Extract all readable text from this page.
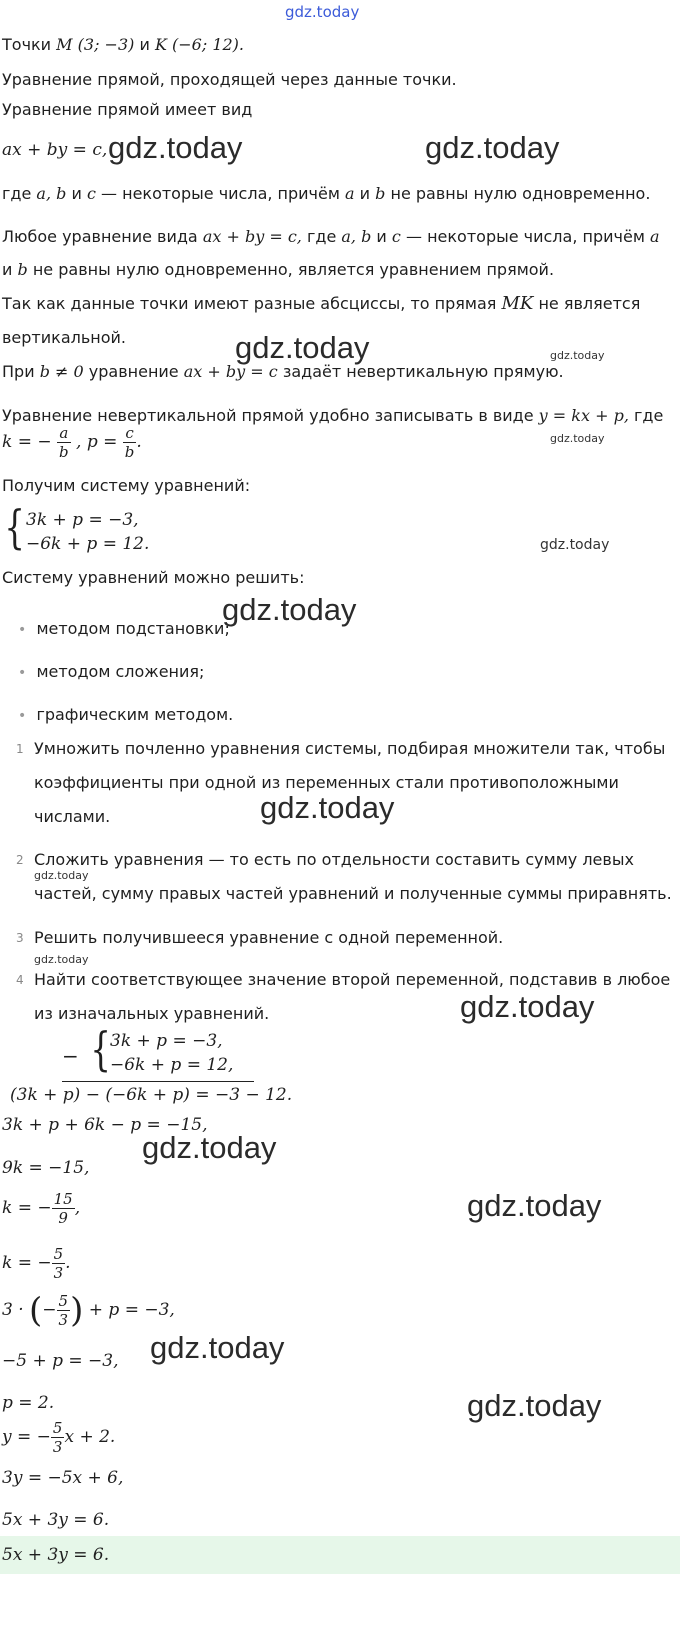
gdz.today
Точки M (3; −3) и K (−6; 12).
Уравнение прямой, проходящей через данные точки.
Уравнение прямой имеет вид
ax + by = c, gdz.today	gdz.today
где a, b и c — некоторые числа, причём a и b не равны нулю одновременно.
Любое уравнение вида ax + by = c, где a, b и c — некоторые числа, причём a
и b не равны нулю одновременно, является уравнением прямой.
Так как данные точки имеют разные абсциссы, то прямая MK не является
вертикальной.	gdz.today	gdz.today
При b ≠ 0 уравнение ax + by = c задаёт невертикальную прямую.
Уравнение невертикальной прямой удобно записывать в виде y = kx + p, где
k = − $\frac{a}{b}$ , $p = \frac{c}{b}$ .	gdz.today
Получим систему уравнений:
{ 3k + p = −3,
−6k + p = 12.	gdz.today
Систему уравнений можно решить:
gdz.today
• методом подстановки;
• методом сложения;
• графическим методом.
1 Умножить почленно уравнения системы, подбирая множители так, чтобы
коэффициенты при одной из переменных стали противоположными
числами.	gdz.today
2 Сложить уравнения — то есть по отдельности составить сумму левых
gdz.today
частей, сумму правых частей уравнений и полученные суммы приравнять.
3 Решить получившееся уравнение с одной переменной.
gdz.today
4 Найти соответствующее значение второй переменной, подставив в любое
из изначальных уравнений.	gdz.today
− { 3k + p = −3,
−6k + p = 12,
(3k + p) − (−6k + p) = −3 − 12.
3k + p + 6k − p = −15,
gdz.today
9k = −15,
k = − $\frac{15}{9}$ ,	gdz.today
k = − $\frac{5}{3}$ .
3 · (− $\frac{5}{3}$ ) + p = −3,
−5 + p = −3, gdz.today
p = 2.	gdz.today
y = − $\frac{5}{3}$ x + 2.
3y = −5x + 6,
5x + 3y = 6.
5x + 3y = 6.
